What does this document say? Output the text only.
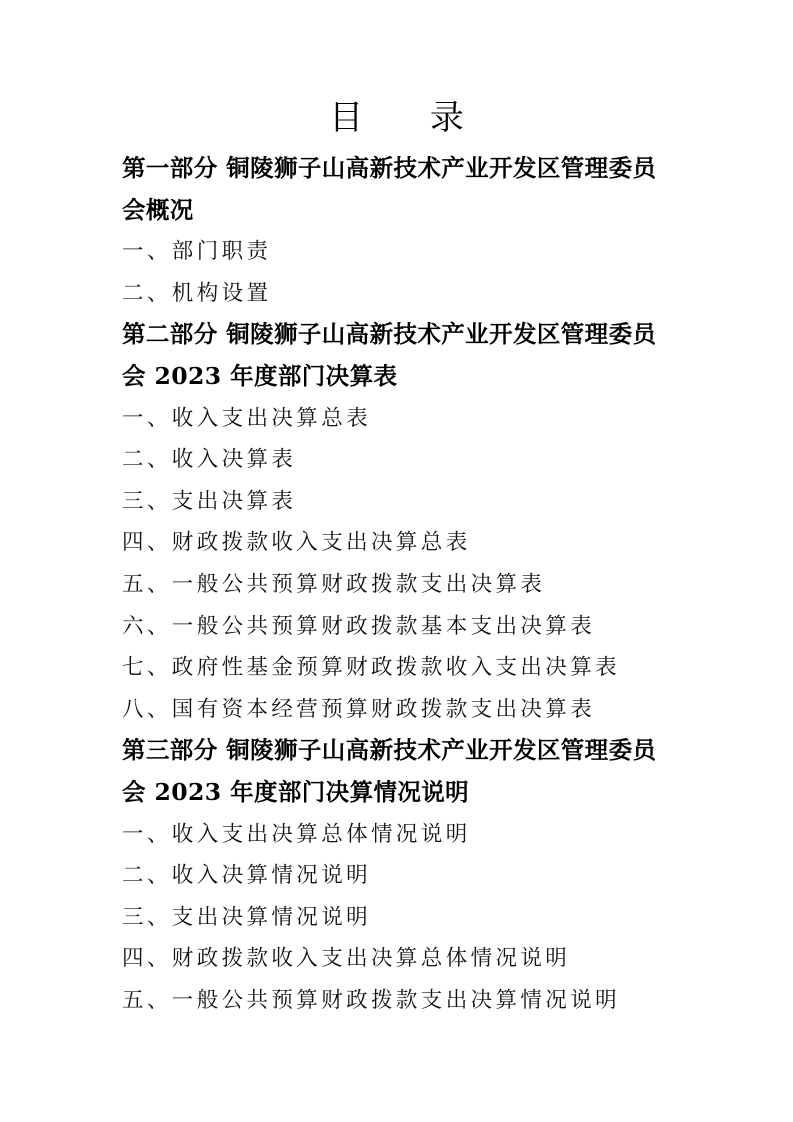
目 录
第一部分 铜陵狮子山高新技术产业开发区管理委员
会概况
一、部门职责
二、机构设置
第二部分 铜陵狮子山高新技术产业开发区管理委员
会 2023 年度部门决算表
一、收入支出决算总表
二、收入决算表
三、支出决算表
四、财政拨款收入支出决算总表
五、一般公共预算财政拨款支出决算表
六、一般公共预算财政拨款基本支出决算表
七、政府性基金预算财政拨款收入支出决算表
八、国有资本经营预算财政拨款支出决算表
第三部分 铜陵狮子山高新技术产业开发区管理委员
会 2023 年度部门决算情况说明
一、收入支出决算总体情况说明
二、收入决算情况说明
三、支出决算情况说明
四、财政拨款收入支出决算总体情况说明
五、一般公共预算财政拨款支出决算情况说明
